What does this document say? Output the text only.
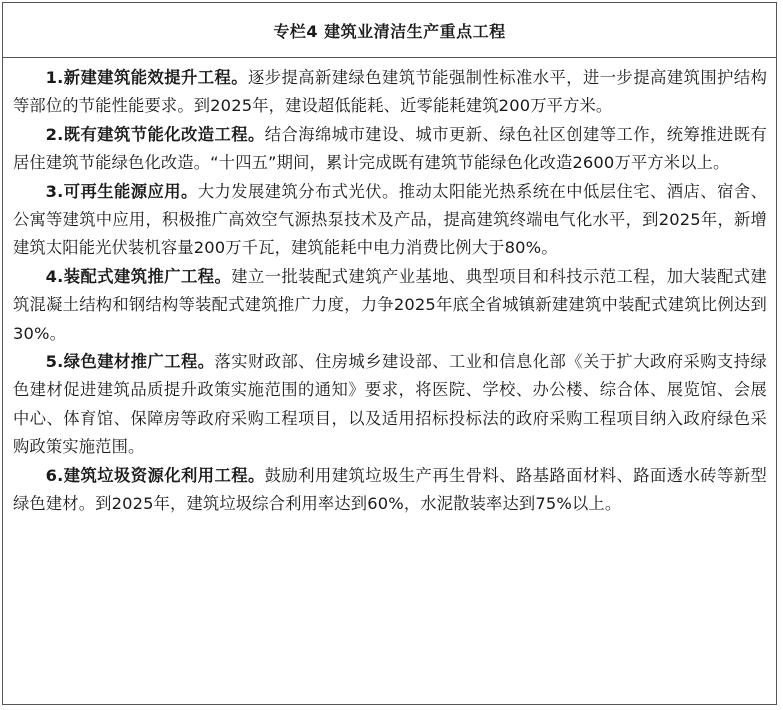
专栏4 建筑业清洁生产重点工程

1.新建建筑能效提升工程。逐步提高新建绿色建筑节能强制性标准水平，进一步提高建筑围护结构等部位的节能性能要求。到2025年，建设超低能耗、近零能耗建筑200万平方米。

2.既有建筑节能化改造工程。结合海绵城市建设、城市更新、绿色社区创建等工作，统筹推进既有居住建筑节能绿色化改造。“十四五”期间，累计完成既有建筑节能绿色化改造2600万平方米以上。

3.可再生能源应用。大力发展建筑分布式光伏。推动太阳能光热系统在中低层住宅、酒店、宿舍、公寓等建筑中应用，积极推广高效空气源热泵技术及产品，提高建筑终端电气化水平，到2025年，新增建筑太阳能光伏装机容量200万千瓦，建筑能耗中电力消费比例大于80%。

4.装配式建筑推广工程。建立一批装配式建筑产业基地、典型项目和科技示范工程，加大装配式建筑混凝土结构和钢结构等装配式建筑推广力度，力争2025年底全省城镇新建建筑中装配式建筑比例达到30%。

5.绿色建材推广工程。落实财政部、住房城乡建设部、工业和信息化部《关于扩大政府采购支持绿色建材促进建筑品质提升政策实施范围的通知》要求，将医院、学校、办公楼、综合体、展览馆、会展中心、体育馆、保障房等政府采购工程项目，以及适用招标投标法的政府采购工程项目纳入政府绿色采购政策实施范围。

6.建筑垃圾资源化利用工程。鼓励利用建筑垃圾生产再生骨料、路基路面材料、路面透水砖等新型绿色建材。到2025年，建筑垃圾综合利用率达到60%，水泥散装率达到75%以上。
